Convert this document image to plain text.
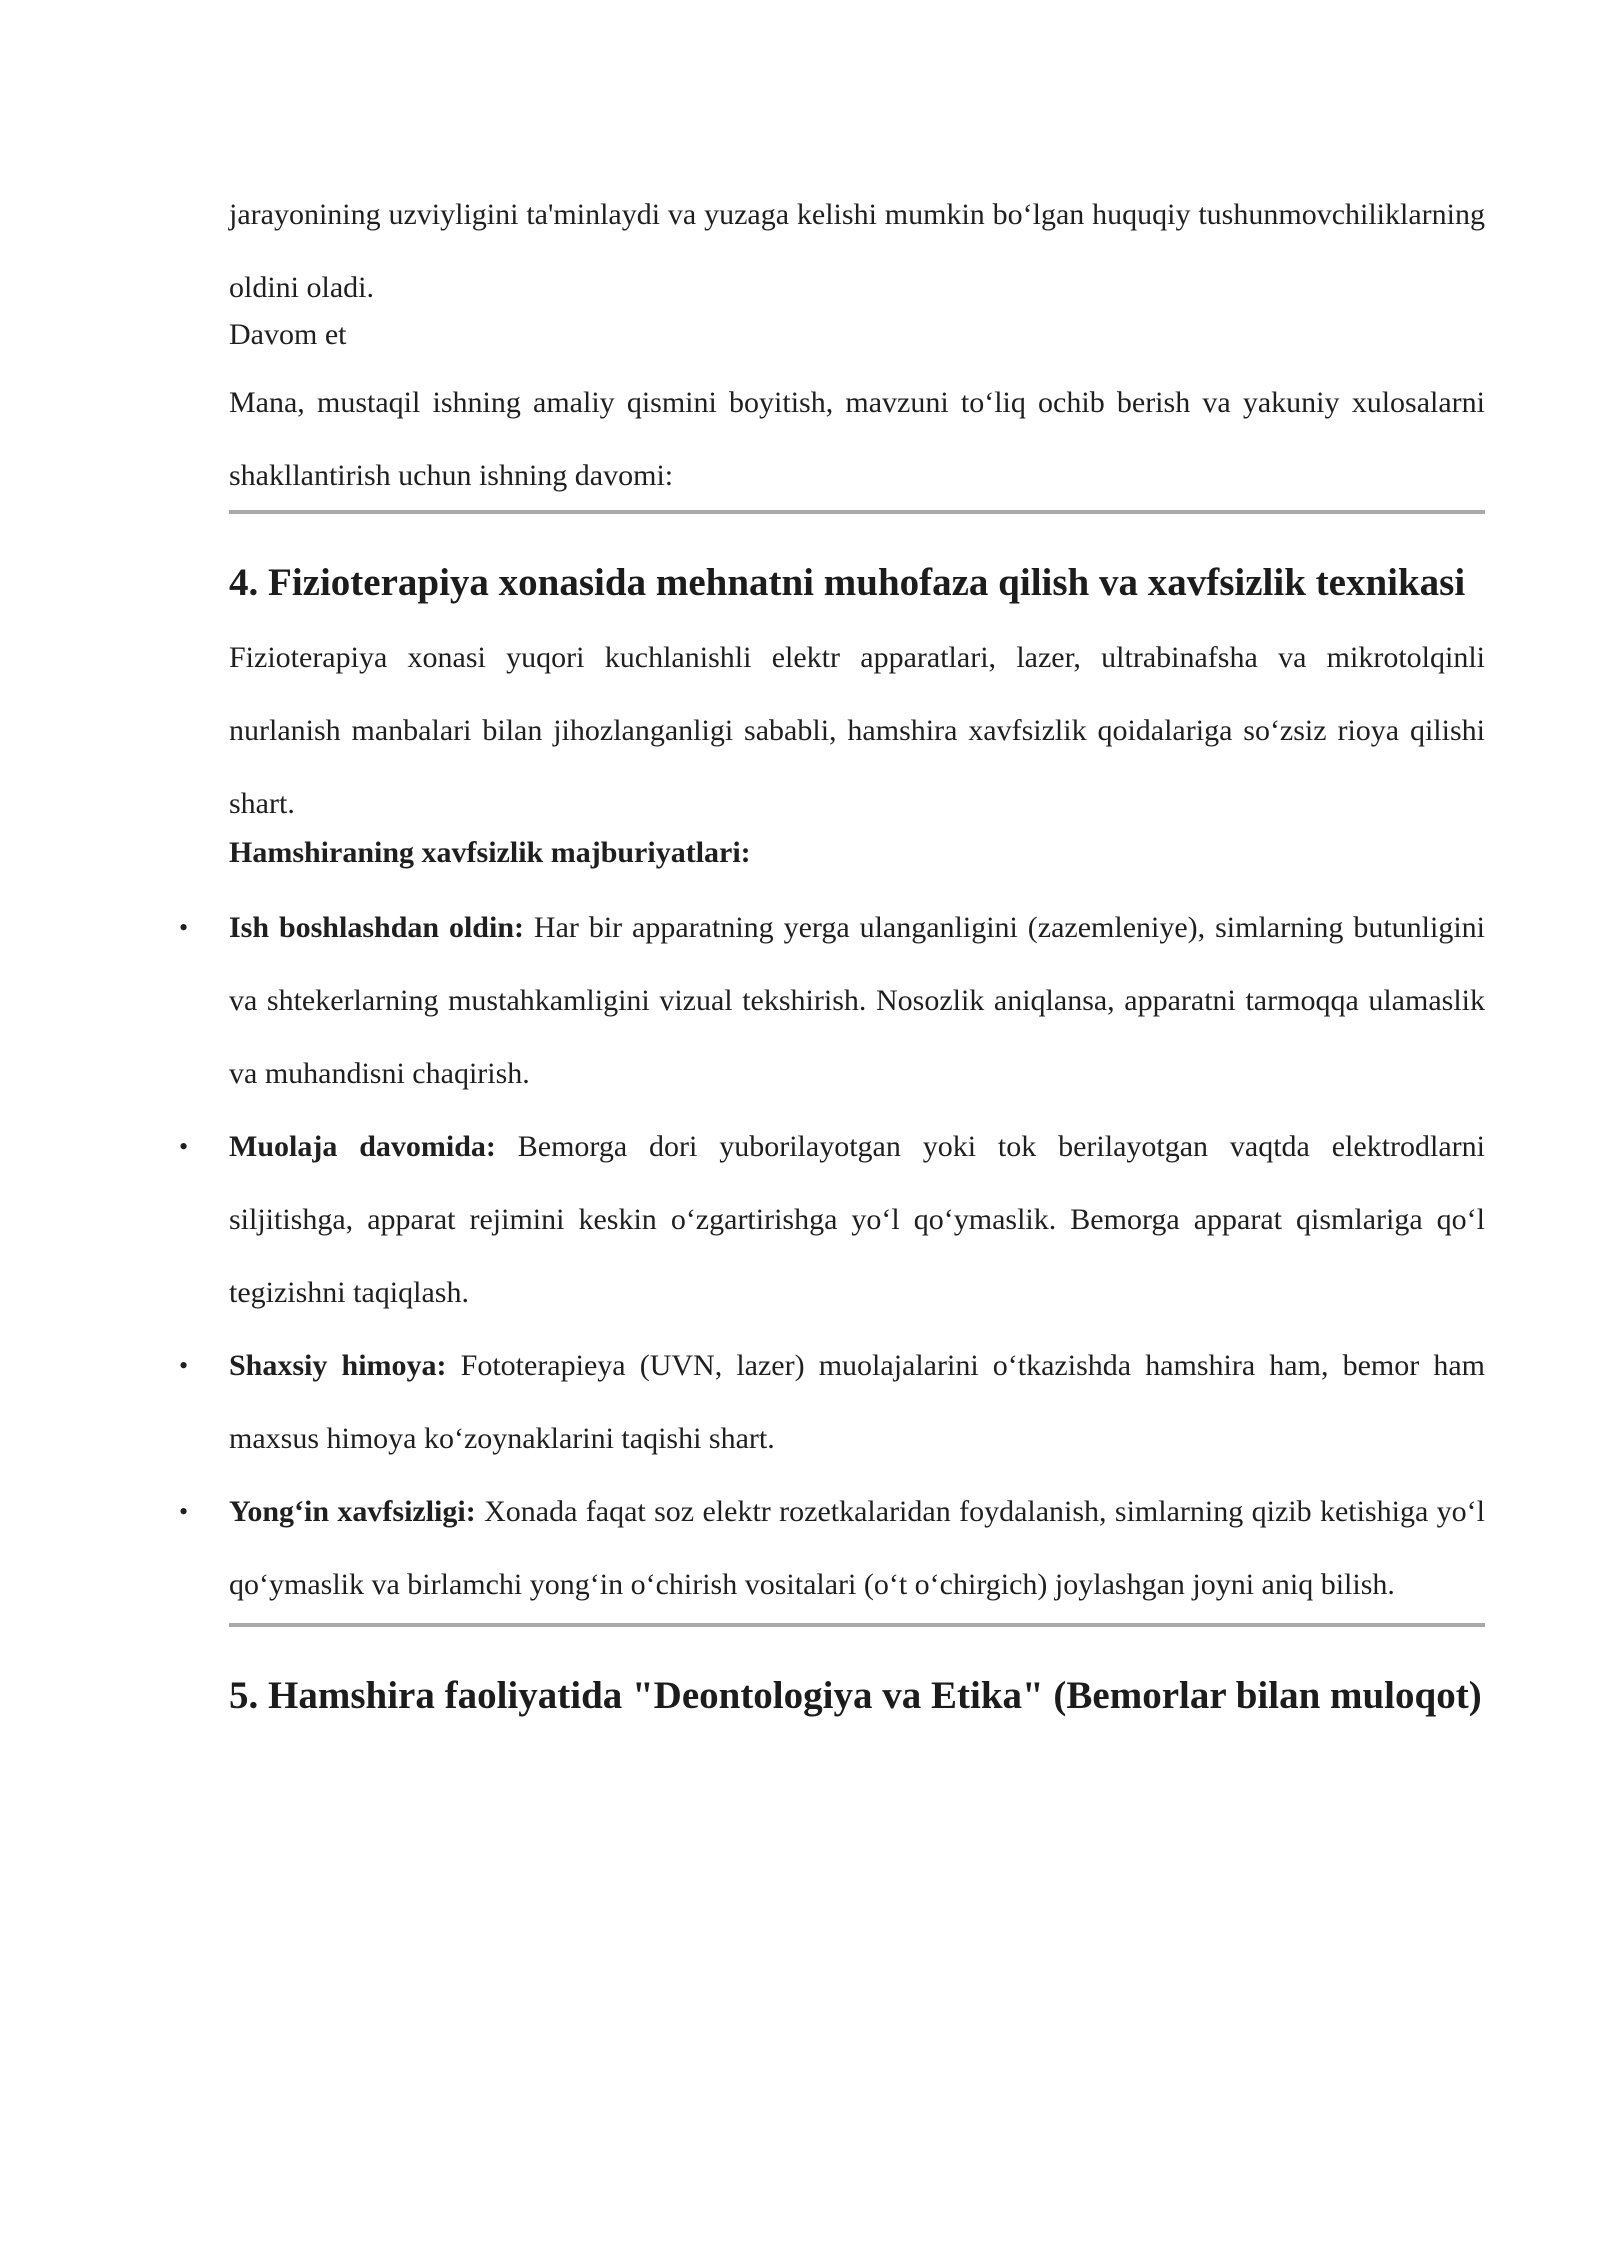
jarayonining uzviyligini ta'minlaydi va yuzaga kelishi mumkin bo‘lgan huquqiy tushunmovchiliklarning oldini oladi.

Davom et

Mana, mustaqil ishning amaliy qismini boyitish, mavzuni to‘liq ochib berish va yakuniy xulosalarni shakllantirish uchun ishning davomi:

4. Fizioterapiya xonasida mehnatni muhofaza qilish va xavfsizlik texnikasi

Fizioterapiya xonasi yuqori kuchlanishli elektr apparatlari, lazer, ultrabinafsha va mikrotolqinli nurlanish manbalari bilan jihozlanganligi sababli, hamshira xavfsizlik qoidalariga so‘zsiz rioya qilishi shart.

Hamshiraning xavfsizlik majburiyatlari:

•	Ish boshlashdan oldin: Har bir apparatning yerga ulanganligini (zazemleniye), simlarning butunligini va shtekerlarning mustahkamligini vizual tekshirish. Nosozlik aniqlansa, apparatni tarmoqqa ulamaslik va muhandisni chaqirish.
•	Muolaja davomida: Bemorga dori yuborilayotgan yoki tok berilayotgan vaqtda elektrodlarni siljitishga, apparat rejimini keskin o‘zgartirishga yo‘l qo‘ymaslik. Bemorga apparat qismlariga qo‘l tegizishni taqiqlash.
•	Shaxsiy himoya: Fototerapieya (UVN, lazer) muolajalarini o‘tkazishda hamshira ham, bemor ham maxsus himoya ko‘zoynaklarini taqishi shart.
•	Yong‘in xavfsizligi: Xonada faqat soz elektr rozetkalaridan foydalanish, simlarning qizib ketishiga yo‘l qo‘ymaslik va birlamchi yong‘in o‘chirish vositalari (o‘t o‘chirgich) joylashgan joyni aniq bilish.
5. Hamshira faoliyatida "Deontologiya va Etika" (Bemorlar bilan muloqot)
